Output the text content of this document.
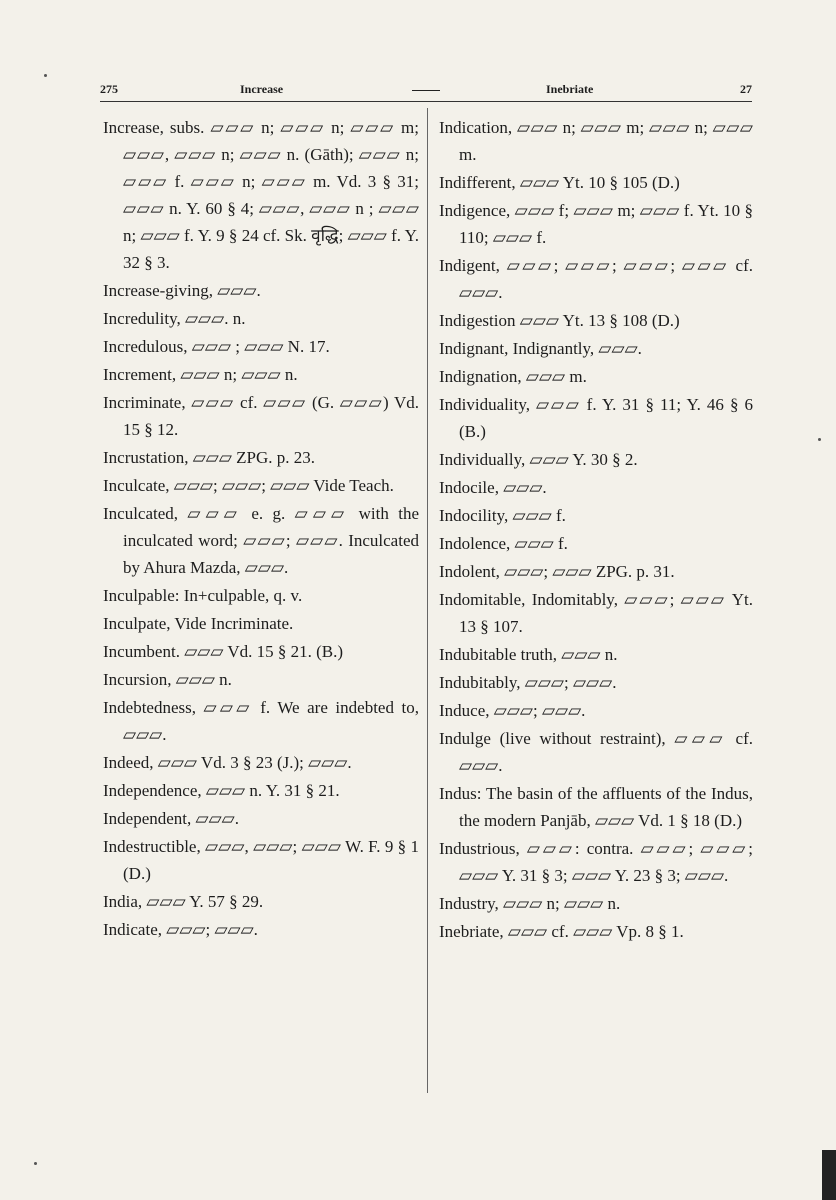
275	Increase	Inebriate	27
Increase, subs. ▱▱▱ n; ▱▱▱ n; ▱▱▱ m; ▱▱▱, ▱▱▱ n; ▱▱▱ n. (Gāth); ▱▱▱ n; ▱▱▱ f. ▱▱▱ n; ▱▱▱ m. Vd. 3 § 31; ▱▱▱ n. Y. 60 § 4; ▱▱▱, ▱▱▱ n ; ▱▱▱ n; ▱▱▱ f. Y. 9 § 24 cf. Sk. वृद्धि; ▱▱▱ f. Y. 32 § 3.
Increase-giving, ▱▱▱.
Incredulity, ▱▱▱. n.
Incredulous, ▱▱▱ ; ▱▱▱ N. 17.
Increment, ▱▱▱ n; ▱▱▱ n.
Incriminate, ▱▱▱ cf. ▱▱▱ (G. ▱▱▱) Vd. 15 § 12.
Incrustation, ▱▱▱ ZPG. p. 23.
Inculcate, ▱▱▱; ▱▱▱; ▱▱▱ Vide Teach.
Inculcated, ▱▱▱ e. g. ▱▱▱ with the inculcated word; ▱▱▱; ▱▱▱. Inculcated by Ahura Mazda, ▱▱▱.
Inculpable: In+culpable, q. v.
Inculpate, Vide Incriminate.
Incumbent. ▱▱▱ Vd. 15 § 21. (B.)
Incursion, ▱▱▱ n.
Indebtedness, ▱▱▱ f. We are indebted to, ▱▱▱.
Indeed, ▱▱▱ Vd. 3 § 23 (J.); ▱▱▱.
Independence, ▱▱▱ n. Y. 31 § 21.
Independent, ▱▱▱.
Indestructible, ▱▱▱, ▱▱▱; ▱▱▱ W. F. 9 § 1 (D.)
India, ▱▱▱ Y. 57 § 29.
Indicate, ▱▱▱; ▱▱▱.
Indication, ▱▱▱ n; ▱▱▱ m; ▱▱▱ n; ▱▱▱ m.
Indifferent, ▱▱▱ Yt. 10 § 105 (D.)
Indigence, ▱▱▱ f; ▱▱▱ m; ▱▱▱ f. Yt. 10 § 110; ▱▱▱ f.
Indigent, ▱▱▱; ▱▱▱; ▱▱▱; ▱▱▱ cf. ▱▱▱.
Indigestion ▱▱▱ Yt. 13 § 108 (D.)
Indignant, Indignantly, ▱▱▱.
Indignation, ▱▱▱ m.
Individuality, ▱▱▱ f. Y. 31 § 11; Y. 46 § 6 (B.)
Individually, ▱▱▱ Y. 30 § 2.
Indocile, ▱▱▱.
Indocility, ▱▱▱ f.
Indolence, ▱▱▱ f.
Indolent, ▱▱▱; ▱▱▱ ZPG. p. 31.
Indomitable, Indomitably, ▱▱▱; ▱▱▱ Yt. 13 § 107.
Indubitable truth, ▱▱▱ n.
Indubitably, ▱▱▱; ▱▱▱.
Induce, ▱▱▱; ▱▱▱.
Indulge (live without restraint), ▱▱▱ cf. ▱▱▱.
Indus: The basin of the affluents of the Indus, the modern Panjāb, ▱▱▱ Vd. 1 § 18 (D.)
Industrious, ▱▱▱: contra. ▱▱▱; ▱▱▱; ▱▱▱ Y. 31 § 3; ▱▱▱ Y. 23 § 3; ▱▱▱.
Industry, ▱▱▱ n; ▱▱▱ n.
Inebriate, ▱▱▱ cf. ▱▱▱ Vp. 8 § 1.
